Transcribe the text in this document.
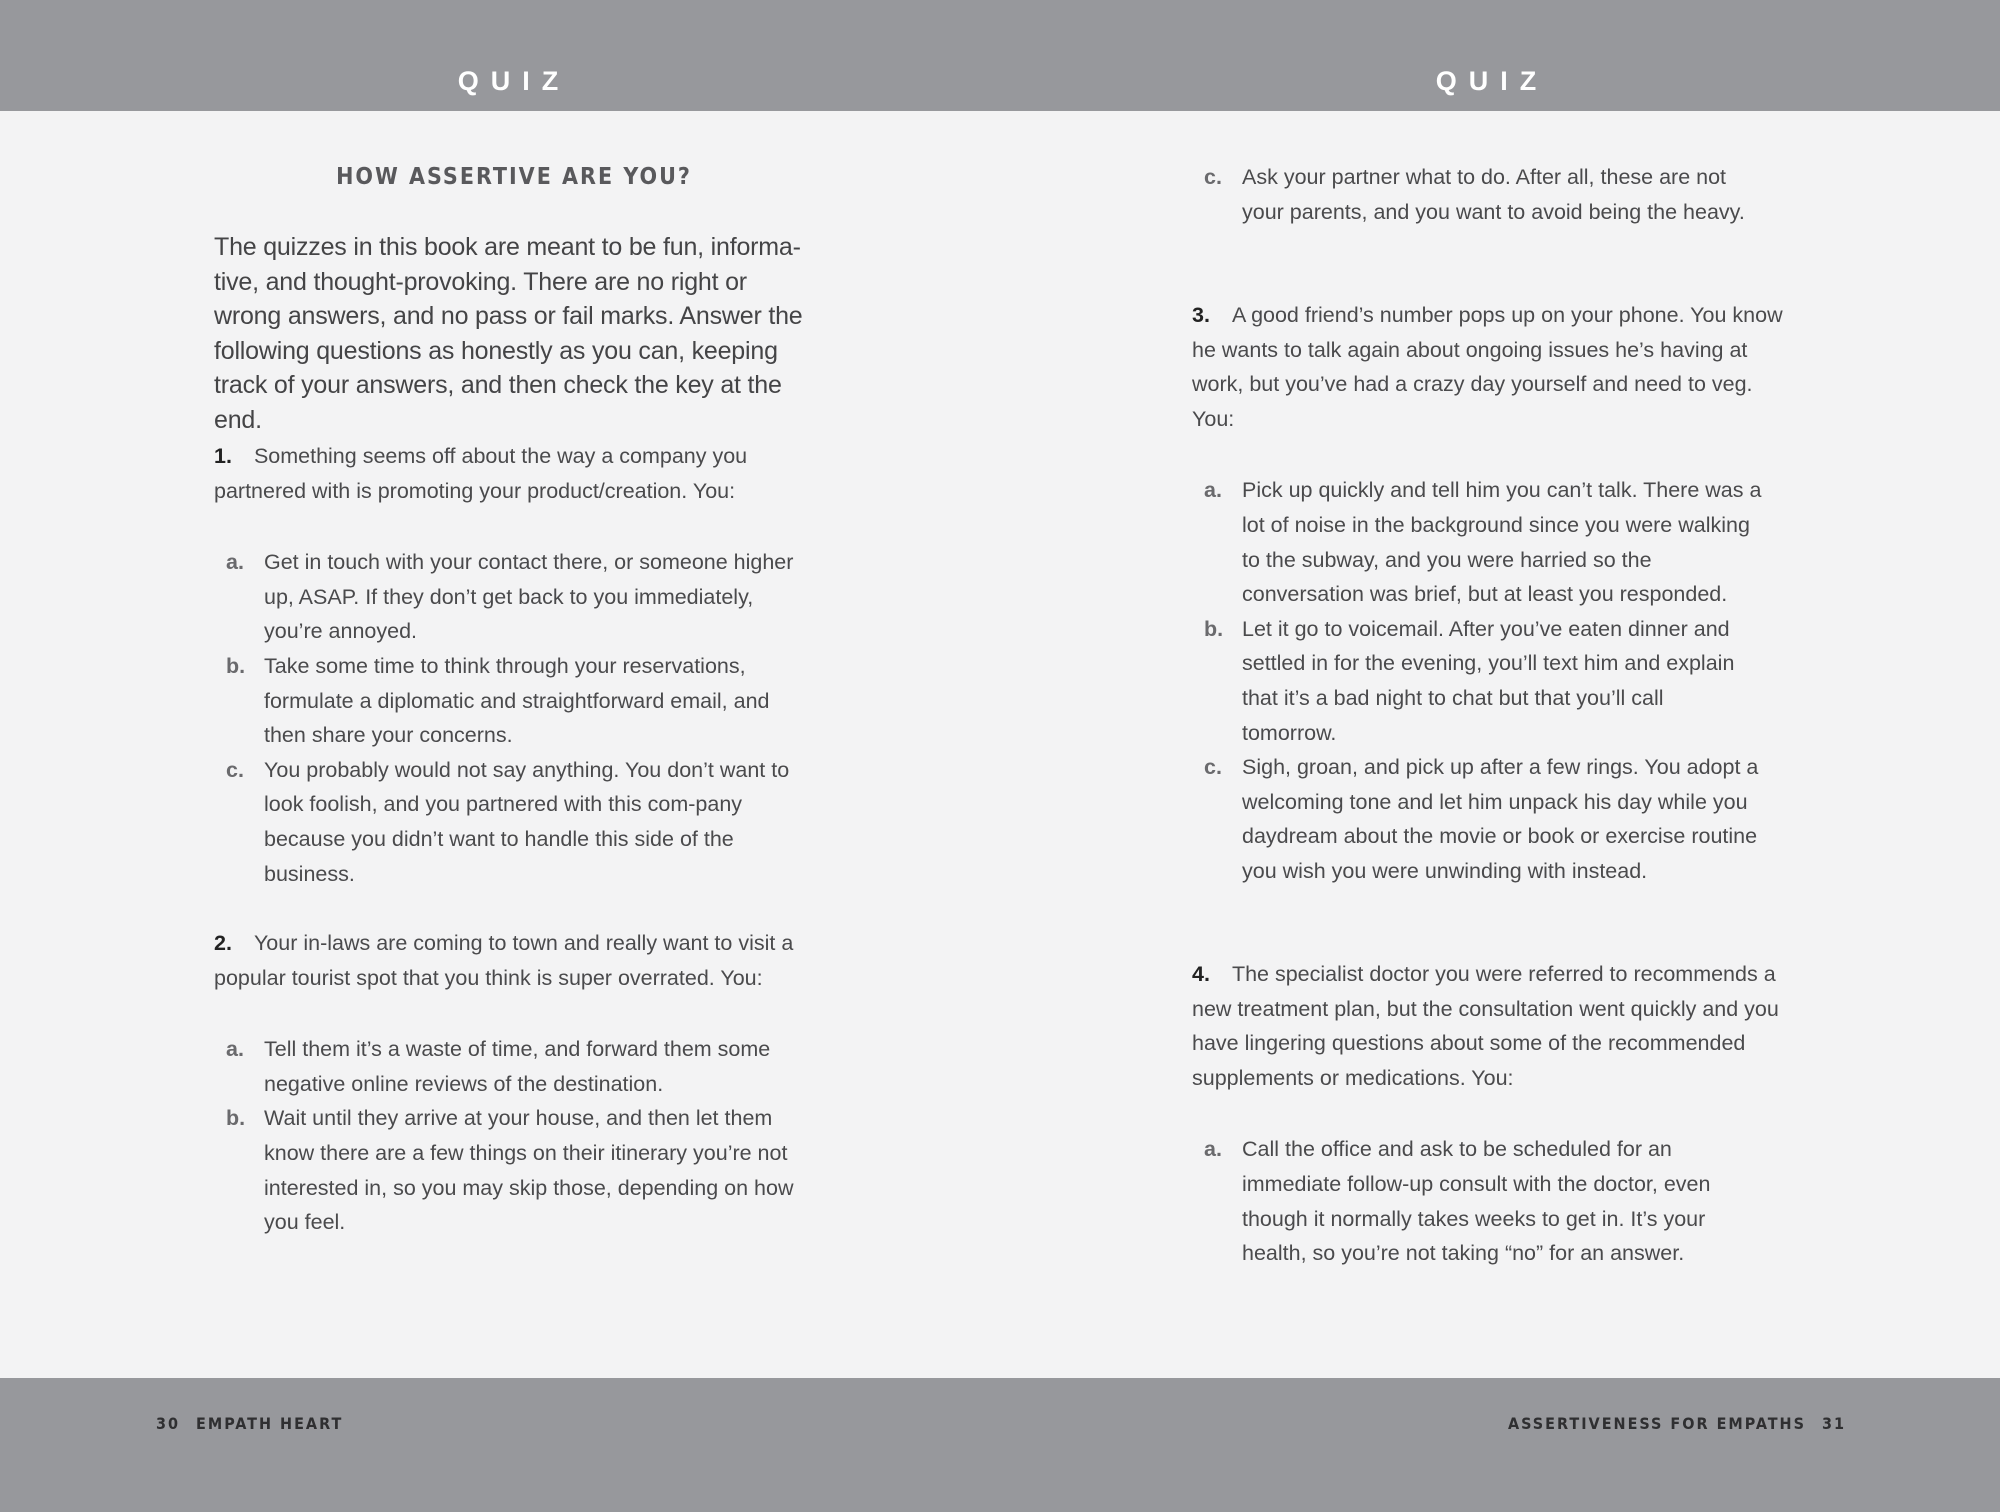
QUIZ	QUIZ
HOW ASSERTIVE ARE YOU?

The quizzes in this book are meant to be fun, informa-tive, and thought-provoking. There are no right or wrong answers, and no pass or fail marks. Answer the following questions as honestly as you can, keeping track of your answers, and then check the key at the end.

1. Something seems off about the way a company you partnered with is promoting your product/creation. You:

a. Get in touch with your contact there, or someone higher up, ASAP. If they don’t get back to you immediately, you’re annoyed.
b. Take some time to think through your reservations, formulate a diplomatic and straightforward email, and then share your concerns.
c. You probably would not say anything. You don’t want to look foolish, and you partnered with this com-pany because you didn’t want to handle this side of the business.

2. Your in-laws are coming to town and really want to visit a popular tourist spot that you think is super overrated. You:

a. Tell them it’s a waste of time, and forward them some negative online reviews of the destination.
b. Wait until they arrive at your house, and then let them know there are a few things on their itinerary you’re not interested in, so you may skip those, depending on how you feel.
c. Ask your partner what to do. After all, these are not your parents, and you want to avoid being the heavy.

3. A good friend’s number pops up on your phone. You know he wants to talk again about ongoing issues he’s having at work, but you’ve had a crazy day yourself and need to veg. You:

a. Pick up quickly and tell him you can’t talk. There was a lot of noise in the background since you were walking to the subway, and you were harried so the conversation was brief, but at least you responded.
b. Let it go to voicemail. After you’ve eaten dinner and settled in for the evening, you’ll text him and explain that it’s a bad night to chat but that you’ll call tomorrow.
c. Sigh, groan, and pick up after a few rings. You adopt a welcoming tone and let him unpack his day while you daydream about the movie or book or exercise routine you wish you were unwinding with instead.

4. The specialist doctor you were referred to recommends a new treatment plan, but the consultation went quickly and you have lingering questions about some of the recommended supplements or medications. You:

a. Call the office and ask to be scheduled for an immediate follow-up consult with the doctor, even though it normally takes weeks to get in. It’s your health, so you’re not taking “no” for an answer.
30 EMPATH HEART	ASSERTIVENESS FOR EMPATHS 31
